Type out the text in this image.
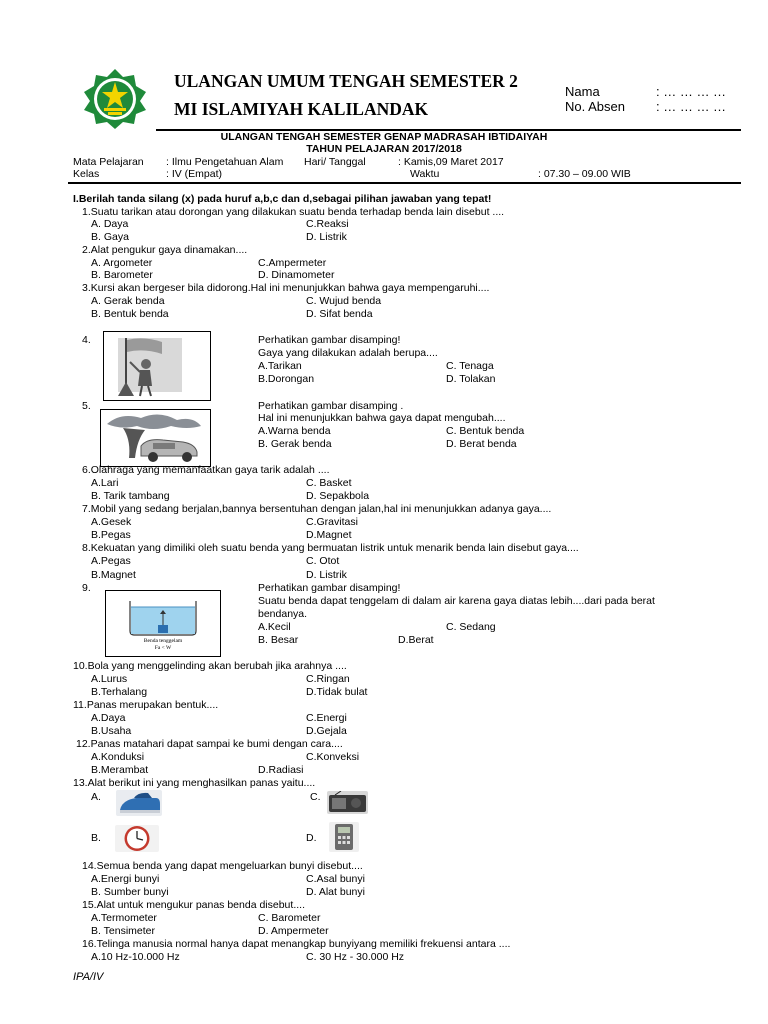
ULANGAN UMUM TENGAH SEMESTER 2
MI ISLAMIYAH KALILANDAK
Nama	: … … … …
No. Absen : … … … …
ULANGAN TENGAH SEMESTER GENAP MADRASAH IBTIDAIYAH
TAHUN PELAJARAN 2017/2018
Mata Pelajaran : Ilmu Pengetahuan Alam Hari/ Tanggal	: Kamis,09 Maret 2017
Kelas	: IV (Empat)	Waktu	: 07.30 – 09.00 WIB
I.Berilah tanda silang (x) pada huruf a,b,c dan d,sebagai pilihan jawaban yang tepat!
1.Suatu tarikan atau dorongan yang dilakukan suatu benda terhadap benda lain disebut ....
A. Daya	C.Reaksi
B. Gaya	D. Listrik
2.Alat pengukur gaya dinamakan....
A. Argometer	C.Ampermeter
B. Barometer	D. Dinamometer
3.Kursi akan bergeser bila didorong.Hal ini menunjukkan bahwa gaya mempengaruhi....
A. Gerak benda	C. Wujud benda
B. Bentuk benda	D. Sifat benda
4.	Perhatikan gambar disamping!
Gaya yang dilakukan adalah berupa....
A.Tarikan	C. Tenaga
B.Dorongan	D. Tolakan
5.	Perhatikan gambar disamping .
Hal ini menunjukkan bahwa gaya dapat mengubah....
A.Warna benda	C. Bentuk benda
B. Gerak benda	D. Berat benda
6.Olahraga yang memanfaatkan gaya tarik adalah ....
A.Lari	C. Basket
B. Tarik tambang	D. Sepakbola
7.Mobil yang sedang berjalan,bannya bersentuhan dengan jalan,hal ini menunjukkan adanya gaya....
A.Gesek	C.Gravitasi
B.Pegas	D.Magnet
8.Kekuatan yang dimiliki oleh suatu benda yang bermuatan listrik untuk menarik benda lain disebut gaya....
A.Pegas	C. Otot
B.Magnet	D. Listrik
9.
Benda tenggelam
Fa < W
Perhatikan gambar disamping!
Suatu benda dapat tenggelam di dalam air karena gaya diatas lebih....dari pada berat
bendanya.
A.Kecil	C. Sedang
B. Besar	D.Berat
10.Bola yang menggelinding akan berubah jika arahnya ....
A.Lurus	C.Ringan
B.Terhalang	D.Tidak bulat
11.Panas merupakan bentuk....
A.Daya	C.Energi
B.Usaha	D.Gejala
12.Panas matahari dapat sampai ke bumi dengan cara....
A.Konduksi	C.Konveksi
B.Merambat	D.Radiasi
13.Alat berikut ini yang menghasilkan panas yaitu....
A.	C.
B.	D.
14.Semua benda yang dapat mengeluarkan bunyi disebut....
A.Energi bunyi	C.Asal bunyi
B. Sumber bunyi	D. Alat bunyi
15.Alat untuk mengukur panas benda disebut....
A.Termometer	C. Barometer
B. Tensimeter	D. Ampermeter
16.Telinga manusia normal hanya dapat menangkap bunyiyang memiliki frekuensi antara ....
A.10 Hz-10.000 Hz	C. 30 Hz - 30.000 Hz
IPA/IV
